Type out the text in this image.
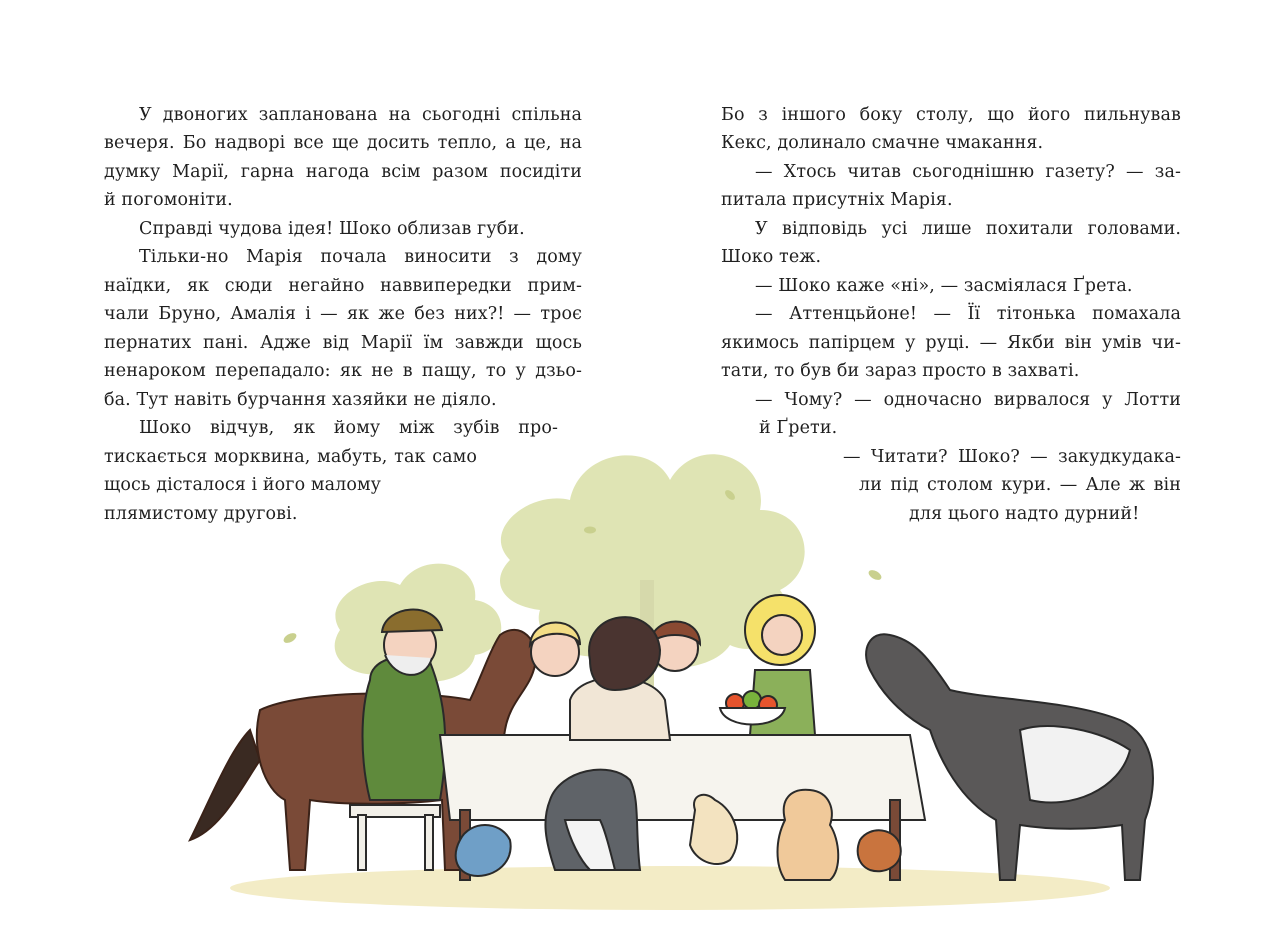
У двоногих запланована на сьогодні спільна
вечеря. Бо надворі все ще досить тепло, а це, на
думку Марії, гарна нагода всім разом посидіти
й погомоніти.
Справді чудова ідея! Шоко облизав губи.
Тільки-но Марія почала виносити з дому
наїдки, як сюди негайно наввипередки прим-
чали Бруно, Амалія і — як же без них?! — троє
пернатих пані. Адже від Марії їм завжди щось
ненароком перепадало: як не в пащу, то у дзьо-
ба. Тут навіть бурчання хазяйки не діяло.
Шоко відчув, як йому між зубів про-
тискається морквина, мабуть, так само
щось дісталося і його малому
плямистому другові.
Бо з іншого боку столу, що його пильнував
Кекс, долинало смачне чмакання.
— Хтось читав сьогоднішню газету? — за-
питала присутніх Марія.
У відповідь усі лише похитали головами.
Шоко теж.
— Шоко каже «ні», — засміялася Ґрета.
— Аттенцьйоне! — Її тітонька помахала
якимось папірцем у руці. — Якби він умів чи-
тати, то був би зараз просто в захваті.
— Чому? — одночасно вирвалося у Лотти
й Ґрети.
— Читати? Шоко? — закудкудака-
ли під столом кури. — Але ж він
для цього надто дурний!
